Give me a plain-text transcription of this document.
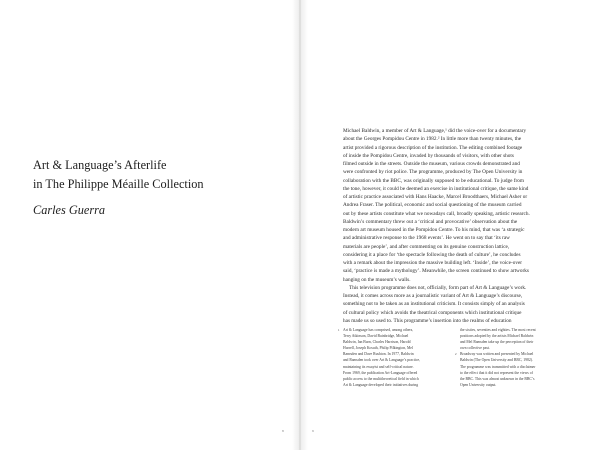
Art & Language’s Afterlife
in The Philippe Méaille Collection
Carles Guerra
8
Michael Baldwin, a member of Art & Language,¹ did the voice-over for a documentary
about the Georges Pompidou Centre in 1982.² In little more than twenty minutes, the
artist provided a rigorous description of the institution. The editing combined footage
of inside the Pompidou Centre, invaded by thousands of visitors, with other shots
filmed outside in the streets. Outside the museum, various crowds demonstrated and
were confronted by riot police. The programme, produced by The Open University in
collaboration with the BBC, was originally supposed to be educational. To judge from
the tone, however, it could be deemed an exercise in institutional critique, the same kind
of artistic practice associated with Hans Haacke, Marcel Broodthaers, Michael Asher or
Andrea Fraser. The political, economic and social questioning of the museum carried
out by these artists constitute what we nowadays call, broadly speaking, artistic research.
Baldwin’s commentary threw out a ‘critical and provocative’ observation about the
modern art museum housed in the Pompidou Centre. To his mind, that was ‘a strategic
and administrative response to the 1968 events’. He went on to say that ‘its raw
materials are people’, and after commenting on its genuine construction lattice,
considering it a place for ‘the spectacle following the death of culture’, he concludes
with a remark about the impression the massive building left. ‘Inside’, the voice-over
said, ‘practice is made a mythology’. Meanwhile, the screen continued to show artworks
hanging on the museum’s walls.
This television programme does not, officially, form part of Art & Language’s work.
Instead, it comes across more as a journalistic variant of Art & Language’s discourse,
something not to be taken as an institutional criticism. It consists simply of an analysis
of cultural policy which avoids the theatrical components which institutional critique
has made us so used to. This programme’s insertion into the realms of education
1 Art & Language has comprised, among others,
Terry Atkinson, David Bainbridge, Michael
Baldwin, Ian Burn, Charles Harrison, Harold
Hurrell, Joseph Kosuth, Philip Pilkington, Mel
Ramsden and Dave Rushton. In 1977, Baldwin
and Ramsden took over Art & Language’s practice,
maintaining its essayist and self-critical nature.
From 1969, the publication Art-Language offered
public access to the multitheoretical field in which
Art & Language developed their initiatives during
the sixties, seventies and eighties. The most recent
positions adopted by the artists Michael Baldwin
and Mel Ramsden take up the perception of their
own collective past.
2 Broadway was written and presented by Michael
Baldwin (The Open University and BBC, 1982).
The programme was transmitted with a disclaimer
to the effect that it did not represent the views of
the BBC. This was almost unknown in the BBC’s
Open University output.
9
